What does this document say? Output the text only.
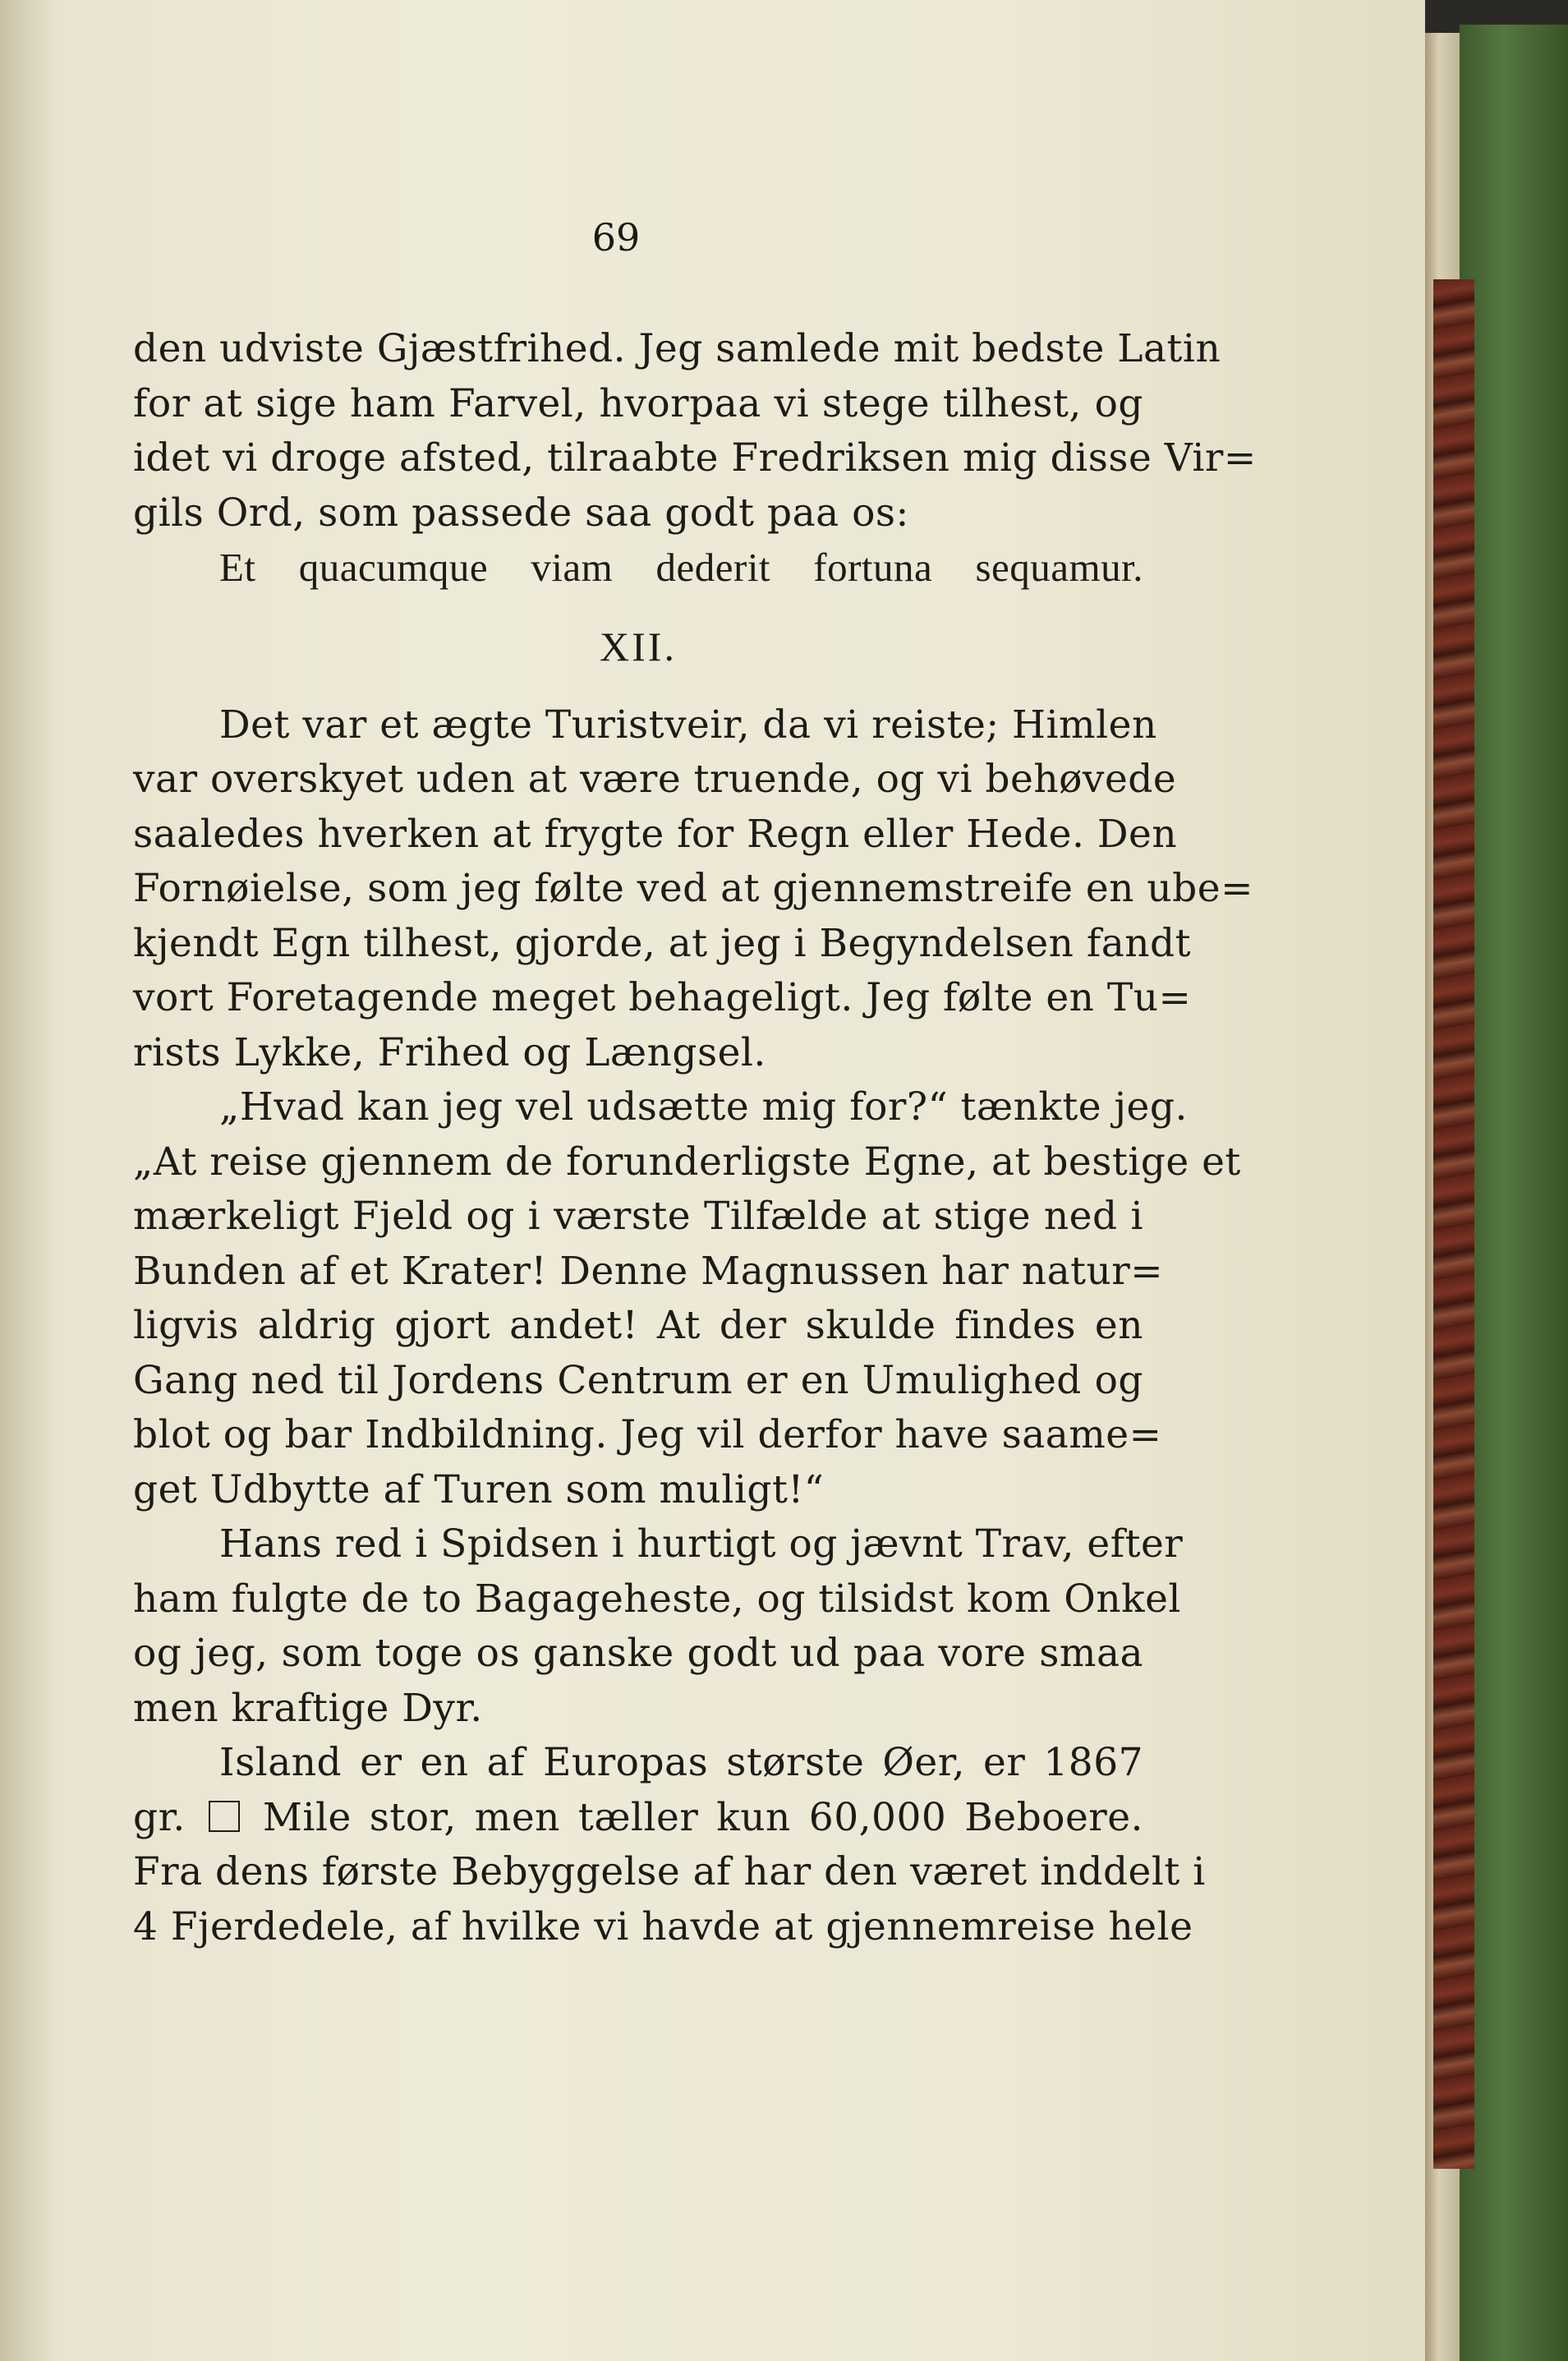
69
den udviste Gjæstfrihed. Jeg samlede mit bedste Latin
for at sige ham Farvel, hvorpaa vi stege tilhest, og
idet vi droge afsted, tilraabte Fredriksen mig disse Vir=
gils Ord, som passede saa godt paa os:
Et quacumque viam dederit fortuna sequamur.
XII.
Det var et ægte Turistveir, da vi reiste; Himlen
var overskyet uden at være truende, og vi behøvede
saaledes hverken at frygte for Regn eller Hede. Den
Fornøielse, som jeg følte ved at gjennemstreife en ube=
kjendt Egn tilhest, gjorde, at jeg i Begyndelsen fandt
vort Foretagende meget behageligt. Jeg følte en Tu=
rists Lykke, Frihed og Længsel.
„Hvad kan jeg vel udsætte mig for?“ tænkte jeg.
„At reise gjennem de forunderligste Egne, at bestige et
mærkeligt Fjeld og i værste Tilfælde at stige ned i
Bunden af et Krater! Denne Magnussen har natur=
ligvis aldrig gjort andet! At der skulde findes en
Gang ned til Jordens Centrum er en Umulighed og
blot og bar Indbildning. Jeg vil derfor have saame=
get Udbytte af Turen som muligt!“
Hans red i Spidsen i hurtigt og jævnt Trav, efter
ham fulgte de to Bagageheste, og tilsidst kom Onkel
og jeg, som toge os ganske godt ud paa vore smaa
men kraftige Dyr.
Island er en af Europas største Øer, er 1867
gr. Mile stor, men tæller kun 60,000 Beboere.
Fra dens første Bebyggelse af har den været inddelt i
4 Fjerdedele, af hvilke vi havde at gjennemreise hele
